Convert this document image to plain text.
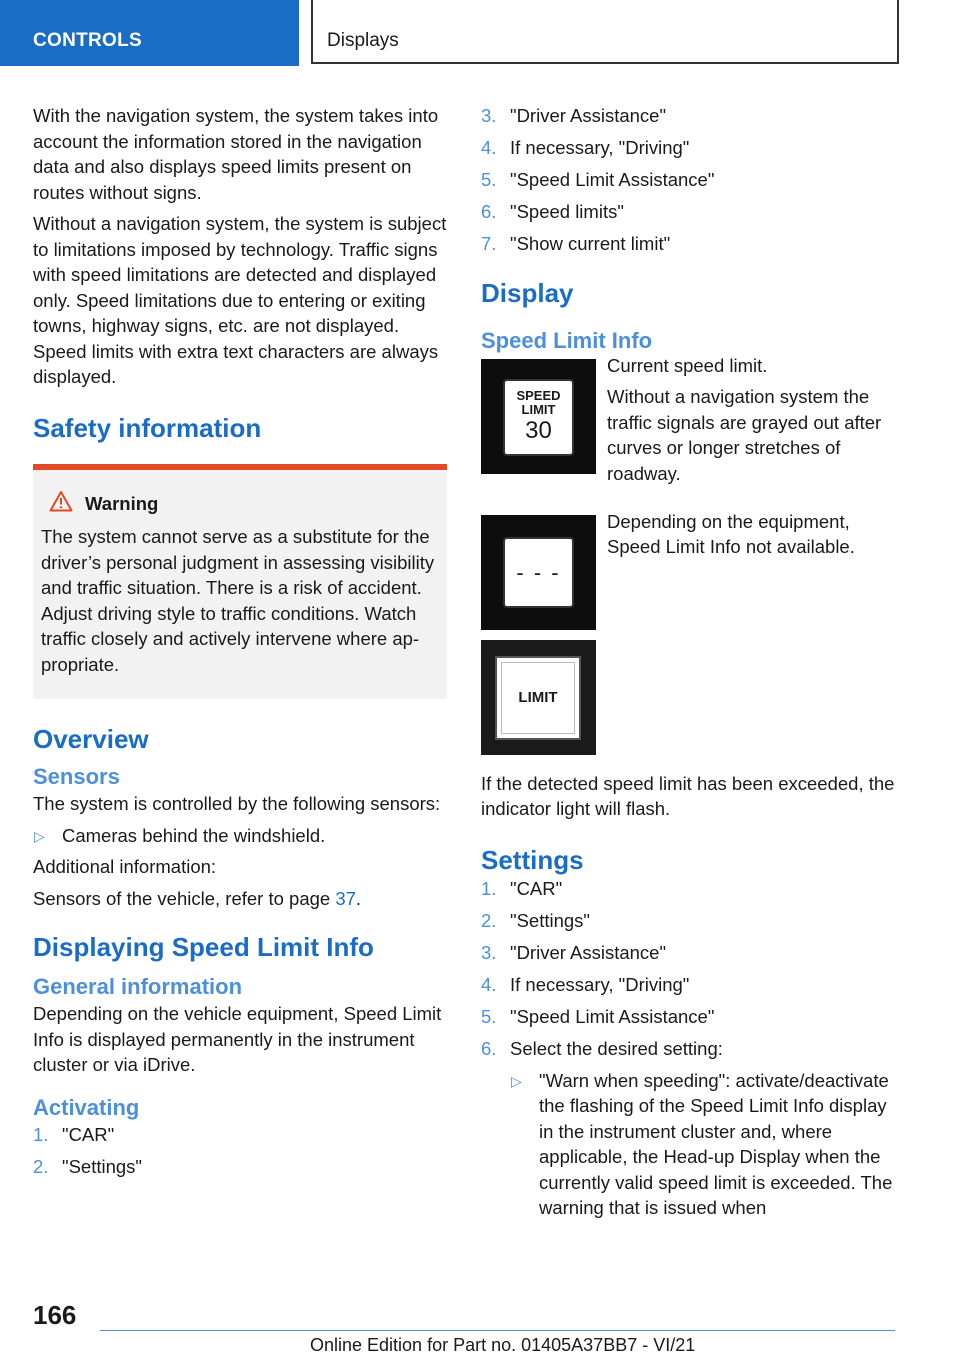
CONTROLS	Displays

With the navigation system, the system takes into account the information stored in the navigation data and also displays speed limits present on routes without signs.

Without a navigation system, the system is subject to limitations imposed by technology. Traffic signs with speed limitations are detected and displayed only. Speed limitations due to entering or exiting towns, highway signs, etc. are not displayed. Speed limits with extra text characters are always displayed.

Safety information
Warning
The system cannot serve as a substitute for the driver’s personal judgment in assessing visibility and traffic situation. There is a risk of accident. Adjust driving style to traffic conditions. Watch traffic closely and actively intervene where appropriate.
Overview
Sensors

The system is controlled by the following sensors:

▷ Cameras behind the windshield.

Additional information:

Sensors of the vehicle, refer to page 37.

Displaying Speed Limit Info
General information

Depending on the vehicle equipment, Speed Limit Info is displayed permanently in the instrument cluster or via iDrive.

Activating
1. "CAR"
2. "Settings"
3. "Driver Assistance"
4. If necessary, "Driving"
5. "Speed Limit Assistance"
6. "Speed limits"
7. "Show current limit"
Display
Speed Limit Info
SPEED
LIMIT
30

Current speed limit.

Without a navigation system the traffic signals are grayed out after curves or longer stretches of roadway.

- - -

Depending on the equipment, Speed Limit Info not available.

LIMIT

If the detected speed limit has been exceeded, the indicator light will flash.

Settings
1. "CAR"
2. "Settings"
3. "Driver Assistance"
4. If necessary, "Driving"
5. "Speed Limit Assistance"
6. Select the desired setting:
▷ "Warn when speeding": activate/deactivate the flashing of the Speed Limit Info display in the instrument cluster and, where applicable, the Head-up Display when the currently valid speed limit is exceeded. The warning that is issued when
166
Online Edition for Part no. 01405A37BB7 - VI/21
